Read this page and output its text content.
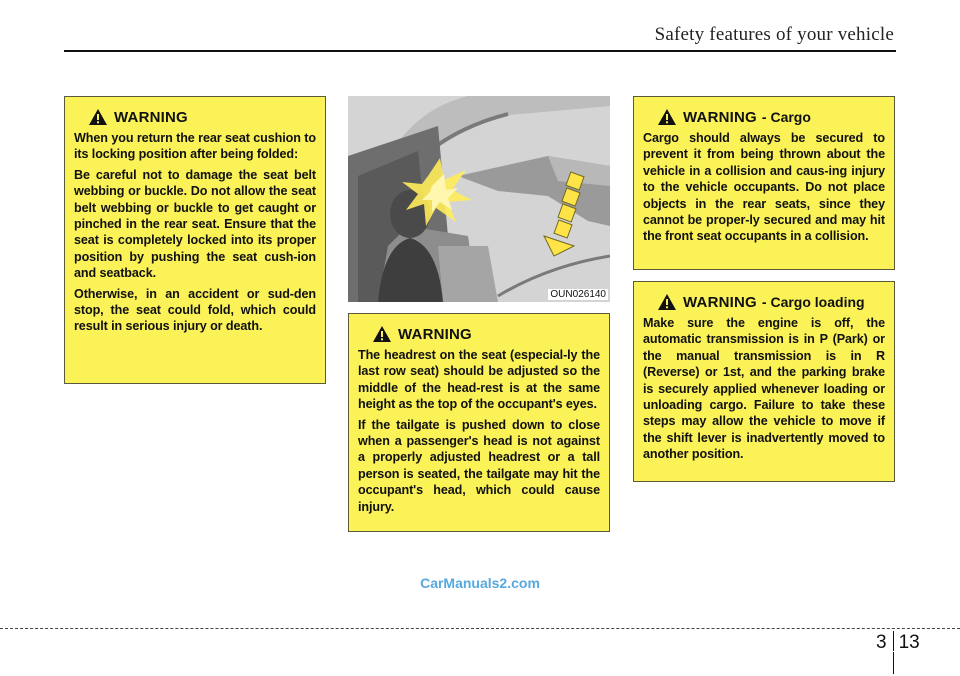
Safety features of your vehicle
WARNING

When you return the rear seat cushion to its locking position after being folded:

Be careful not to damage the seat belt webbing or buckle. Do not allow the seat belt webbing or buckle to get caught or pinched in the rear seat. Ensure that the seat is completely locked into its proper position by pushing the seat cush-ion and seatback.

Otherwise, in an accident or sud-den stop, the seat could fold, which could result in serious injury or death.

OUN026140
WARNING

The headrest on the seat (especial-ly the last row seat) should be adjusted so the middle of the head-rest is at the same height as the top of the occupant's eyes.

If the tailgate is pushed down to close when a passenger's head is not against a properly adjusted headrest or a tall person is seated, the tailgate may hit the occupant's head, which could cause injury.

WARNING - Cargo

Cargo should always be secured to prevent it from being thrown about the vehicle in a collision and caus-ing injury to the vehicle occupants. Do not place objects in the rear seats, since they cannot be proper-ly secured and may hit the front seat occupants in a collision.

WARNING - Cargo loading

Make sure the engine is off, the automatic transmission is in P (Park) or the manual transmission is in R (Reverse) or 1st, and the parking brake is securely applied whenever loading or unloading cargo. Failure to take these steps may allow the vehicle to move if the shift lever is inadvertently moved to another position.

CarManuals2.com
3 13
